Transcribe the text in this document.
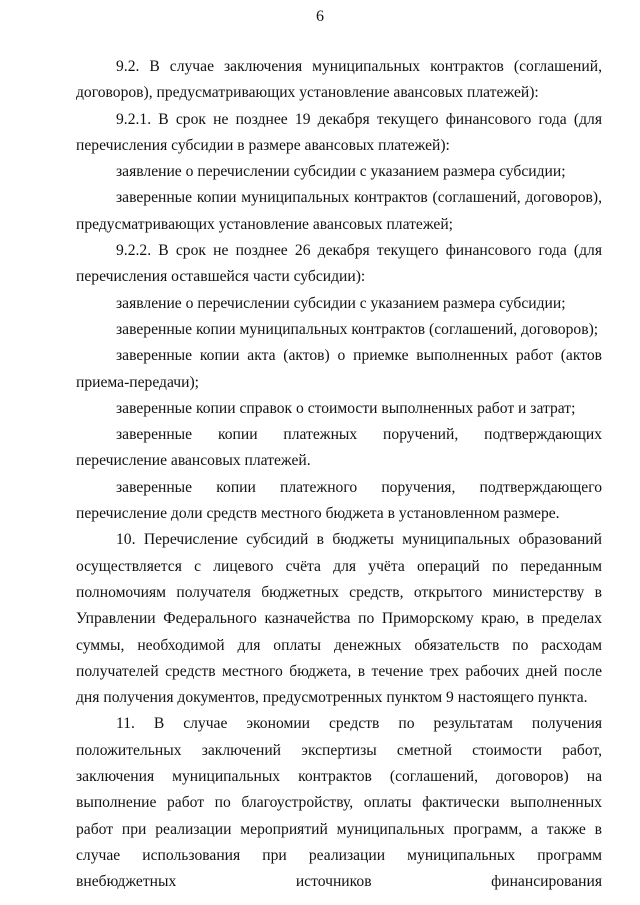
6

9.2. В случае заключения муниципальных контрактов (соглашений, договоров), предусматривающих установление авансовых платежей):

9.2.1. В срок не позднее 19 декабря текущего финансового года (для перечисления субсидии в размере авансовых платежей):

заявление о перечислении субсидии с указанием размера субсидии;

заверенные копии муниципальных контрактов (соглашений, договоров), предусматривающих установление авансовых платежей;

9.2.2. В срок не позднее 26 декабря текущего финансового года (для перечисления оставшейся части субсидии):

заявление о перечислении субсидии с указанием размера субсидии;

заверенные копии муниципальных контрактов (соглашений, договоров);

заверенные копии акта (актов) о приемке выполненных работ (актов приема-передачи);

заверенные копии справок о стоимости выполненных работ и затрат;

заверенные копии платежных поручений, подтверждающих перечисление авансовых платежей.

заверенные копии платежного поручения, подтверждающего перечисление доли средств местного бюджета в установленном размере.

10. Перечисление субсидий в бюджеты муниципальных образований осуществляется с лицевого счёта для учёта операций по переданным полномочиям получателя бюджетных средств, открытого министерству в Управлении Федерального казначейства по Приморскому краю, в пределах суммы, необходимой для оплаты денежных обязательств по расходам получателей средств местного бюджета, в течение трех рабочих дней после дня получения документов, предусмотренных пунктом 9 настоящего пункта.

11. В случае экономии средств по результатам получения положительных заключений экспертизы сметной стоимости работ, заключения муниципальных контрактов (соглашений, договоров) на выполнение работ по благоустройству, оплаты фактически выполненных работ при реализации мероприятий муниципальных программ, а также в случае использования при реализации муниципальных программ внебюджетных источников финансирования
